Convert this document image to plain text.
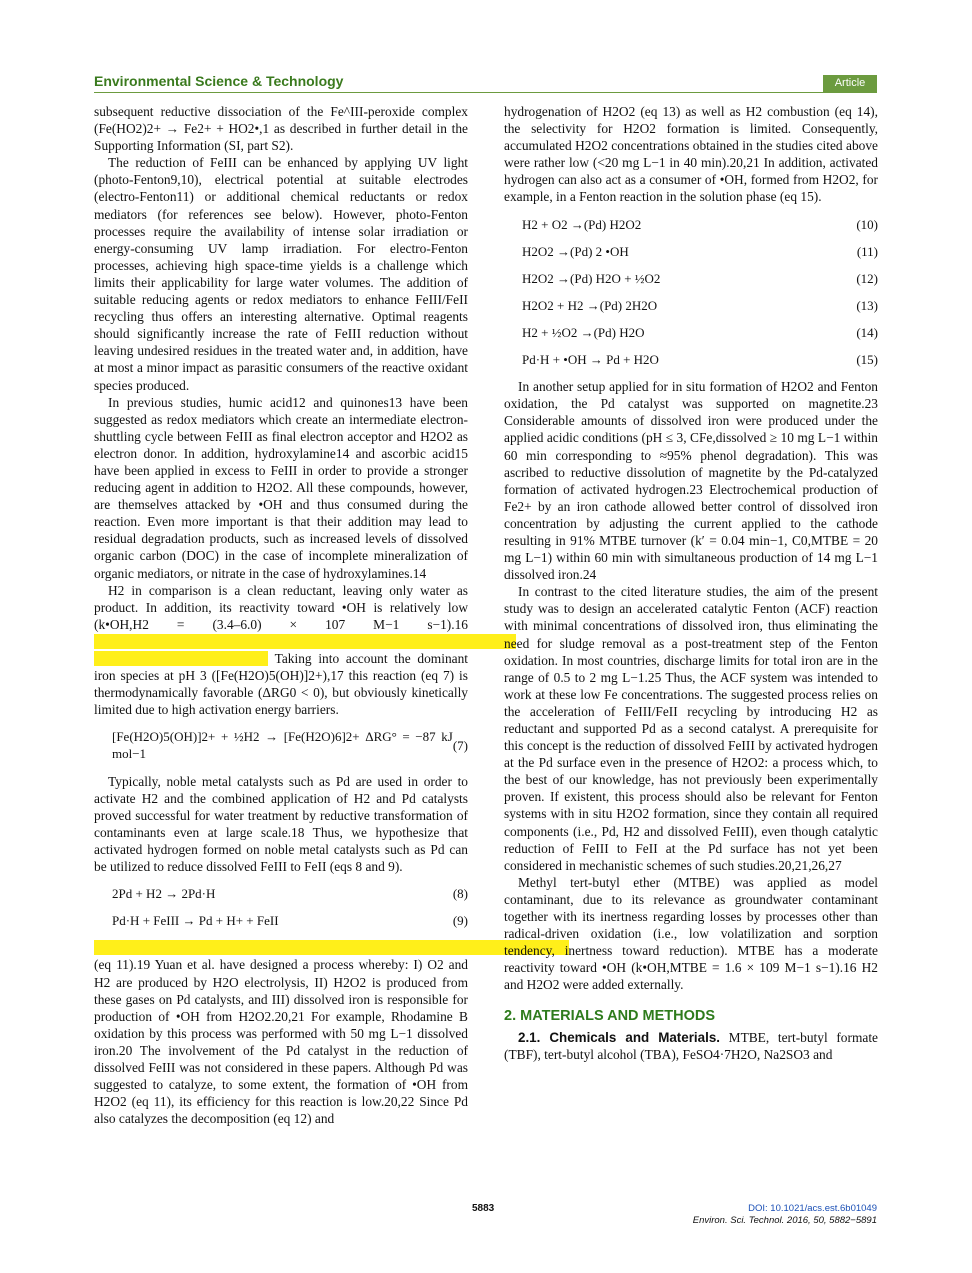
Environmental Science & Technology	Article

subsequent reductive dissociation of the Fe^III-peroxide complex (Fe(HO2)2+ → Fe2+ + HO2•,1 as described in further detail in the Supporting Information (SI, part S2).

The reduction of FeIII can be enhanced by applying UV light (photo-Fenton9,10), electrical potential at suitable electrodes (electro-Fenton11) or additional chemical reductants or redox mediators (for references see below). However, photo-Fenton processes require the availability of intense solar irradiation or energy-consuming UV lamp irradiation. For electro-Fenton processes, achieving high space-time yields is a challenge which limits their applicability for large water volumes. The addition of suitable reducing agents or redox mediators to enhance FeIII/FeII recycling thus offers an interesting alternative. Optimal reagents should significantly increase the rate of FeIII reduction without leaving undesired residues in the treated water and, in addition, have at most a minor impact as parasitic consumers of the reactive oxidant species produced.

In previous studies, humic acid12 and quinones13 have been suggested as redox mediators which create an intermediate electron-shuttling cycle between FeIII as final electron acceptor and H2O2 as electron donor. In addition, hydroxylamine14 and ascorbic acid15 have been applied in excess to FeIII in order to provide a stronger reducing agent in addition to H2O2. All these compounds, however, are themselves attacked by •OH and thus consumed during the reaction. Even more important is that their addition may lead to residual degradation products, such as increased levels of dissolved organic carbon (DOC) in the case of incomplete mineralization of organic mediators, or nitrate in the case of hydroxylamines.14

H2 in comparison is a clean reductant, leaving only water as product. In addition, its reactivity toward •OH is relatively low (k•OH,H2 = (3.4–6.0) × 107 M−1 s−1).16

Taking into account the dominant iron species at pH 3 ([Fe(H2O)5(OH)]2+),17 this reaction (eq 7) is thermodynamically favorable (ΔRG0 < 0), but obviously kinetically limited due to high activation energy barriers.

[Fe(H2O)5(OH)]2+ + ½H2 → [Fe(H2O)6]2+ ΔRG° = −87 kJ mol−1
(7)

Typically, noble metal catalysts such as Pd are used in order to activate H2 and the combined application of H2 and Pd catalysts proved successful for water treatment by reductive transformation of contaminants even at large scale.18 Thus, we hypothesize that activated hydrogen formed on noble metal catalysts such as Pd can be utilized to reduce dissolved FeIII to FeII (eqs 8 and 9).

2Pd + H2 → 2Pd·H	(8)
Pd·H + FeIII → Pd + H+ + FeII	(9)

(eq 11).19 Yuan et al. have designed a process whereby: I) O2 and H2 are produced by H2O electrolysis, II) H2O2 is produced from these gases on Pd catalysts, and III) dissolved iron is responsible for production of •OH from H2O2.20,21 For example, Rhodamine B oxidation by this process was performed with 50 mg L−1 dissolved iron.20 The involvement of the Pd catalyst in the reduction of dissolved FeIII was not considered in these papers. Although Pd was suggested to catalyze, to some extent, the formation of •OH from H2O2 (eq 11), its efficiency for this reaction is low.20,22 Since Pd also catalyzes the decomposition (eq 12) and

hydrogenation of H2O2 (eq 13) as well as H2 combustion (eq 14), the selectivity for H2O2 formation is limited. Consequently, accumulated H2O2 concentrations obtained in the studies cited above were rather low (<20 mg L−1 in 40 min).20,21 In addition, activated hydrogen can also act as a consumer of •OH, formed from H2O2, for example, in a Fenton reaction in the solution phase (eq 15).

H2 + O2 →(Pd) H2O2	(10)
H2O2 →(Pd) 2 •OH	(11)
H2O2 →(Pd) H2O + ½O2	(12)
H2O2 + H2 →(Pd) 2H2O	(13)
H2 + ½O2 →(Pd) H2O	(14)
Pd·H + •OH → Pd + H2O	(15)

In another setup applied for in situ formation of H2O2 and Fenton oxidation, the Pd catalyst was supported on magnetite.23 Considerable amounts of dissolved iron were produced under the applied acidic conditions (pH ≤ 3, CFe,dissolved ≥ 10 mg L−1 within 60 min corresponding to ≈95% phenol degradation). This was ascribed to reductive dissolution of magnetite by the Pd-catalyzed formation of activated hydrogen.23 Electrochemical production of Fe2+ by an iron cathode allowed better control of dissolved iron concentration by adjusting the current applied to the cathode resulting in 91% MTBE turnover (k′ = 0.04 min−1, C0,MTBE = 20 mg L−1) within 60 min with simultaneous production of 14 mg L−1 dissolved iron.24

In contrast to the cited literature studies, the aim of the present study was to design an accelerated catalytic Fenton (ACF) reaction with minimal concentrations of dissolved iron, thus eliminating the need for sludge removal as a post-treatment step of the Fenton oxidation. In most countries, discharge limits for total iron are in the range of 0.5 to 2 mg L−1.25 Thus, the ACF system was intended to work at these low Fe concentrations. The suggested process relies on the acceleration of FeIII/FeII recycling by introducing H2 as reductant and supported Pd as a second catalyst. A prerequisite for this concept is the reduction of dissolved FeIII by activated hydrogen at the Pd surface even in the presence of H2O2: a process which, to the best of our knowledge, has not previously been experimentally proven. If existent, this process should also be relevant for Fenton systems with in situ H2O2 formation, since they contain all required components (i.e., Pd, H2 and dissolved FeIII), even though catalytic reduction of FeIII to FeII at the Pd surface has not yet been considered in mechanistic schemes of such studies.20,21,26,27

Methyl tert-butyl ether (MTBE) was applied as model contaminant, due to its relevance as groundwater contaminant together with its inertness regarding losses by processes other than radical-driven oxidation (i.e., low volatilization and sorption tendency, inertness toward reduction). MTBE has a moderate reactivity toward •OH (k•OH,MTBE = 1.6 × 109 M−1 s−1).16 H2 and H2O2 were added externally.

2. MATERIALS AND METHODS

2.1. Chemicals and Materials. MTBE, tert-butyl formate (TBF), tert-butyl alcohol (TBA), FeSO4·7H2O, Na2SO3 and

5883	DOI: 10.1021/acs.est.6b01049
Environ. Sci. Technol. 2016, 50, 5882−5891
